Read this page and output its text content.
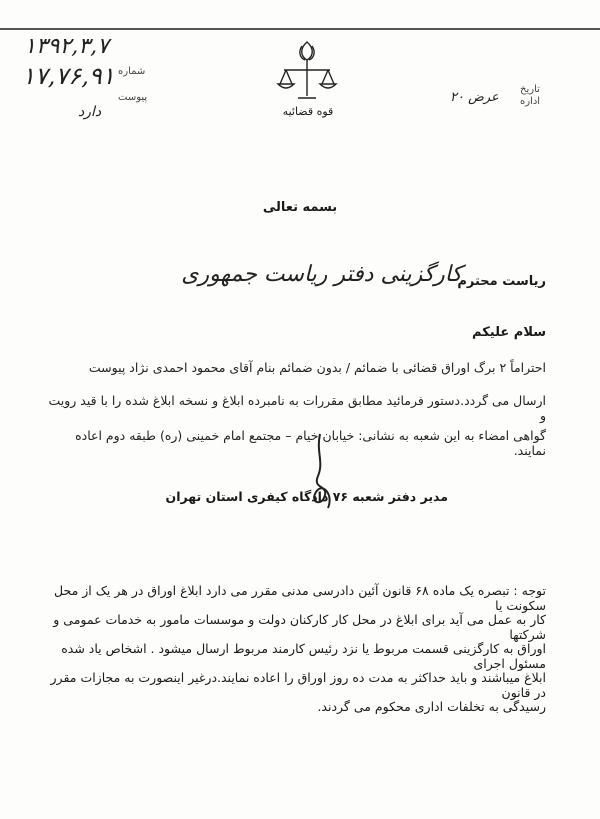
۱۳۹۲,۳,۷
۱۷,۷۶,۹۱
دارد
شماره
پیوست
قوه قضائیه
تاریخ
اداره
۲۰ عرض
بسمه تعالی
ریاست محترم
کارگزینی دفتر ریاست جمهوری
سلام علیکم
احتراماً ۲ برگ اوراق قضائی با ضمائم / بدون ضمائم بنام آقای محمود احمدی نژاد پیوست
ارسال می گردد.دستور فرمائید مطابق مقررات به نامبرده ابلاغ و نسخه ابلاغ شده را با قید رویت و
گواهی امضاء به این شعبه به نشانی: خیابان خیام – مجتمع امام خمینی (ره) طبقه دوم اعاده نمایند.
مدیر دفتر شعبه ۷۶ دادگاه کیفری استان تهران
توجه : تبصره یک ماده ۶۸ قانون آئین دادرسی مدنی مقرر می دارد ابلاغ اوراق در هر یک از محل سکونت یا
کار به عمل می آید برای ابلاغ در محل کار کارکنان دولت و موسسات مامور به خدمات عمومی و شرکتها
اوراق به کارگزینی قسمت مربوط یا نزد رئیس کارمند مربوط ارسال میشود . اشخاص یاد شده مسئول اجرای
ابلاغ میباشند و باید حداکثر به مدت ده روز اوراق را اعاده نمایند.درغیر اینصورت به مجازات مقرر در قانون
رسیدگی به تخلفات اداری محکوم می گردند.
